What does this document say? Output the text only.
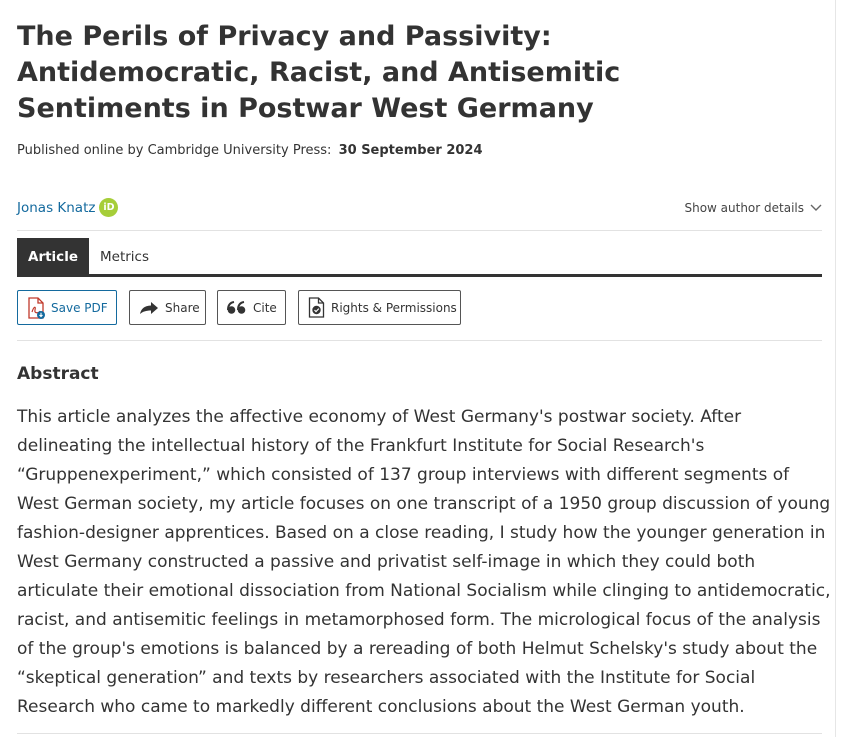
The Perils of Privacy and Passivity: Antidemocratic, Racist, and Antisemitic Sentiments in Postwar West Germany
Published online by Cambridge University Press: 30 September 2024
Jonas Knatz iD	Show author details
Article	Metrics
Save PDF	Share	Cite	Rights & Permissions
Abstract

This article analyzes the affective economy of West Germany's postwar society. After delineating the intellectual history of the Frankfurt Institute for Social Research's “Gruppenexperiment,” which consisted of 137 group interviews with different segments of West German society, my article focuses on one transcript of a 1950 group discussion of young fashion-designer apprentices. Based on a close reading, I study how the younger generation in West Germany constructed a passive and privatist self-image in which they could both articulate their emotional dissociation from National Socialism while clinging to antidemocratic, racist, and antisemitic feelings in metamorphosed form. The micrological focus of the analysis of the group's emotions is balanced by a rereading of both Helmut Schelsky's study about the “skeptical generation” and texts by researchers associated with the Institute for Social Research who came to markedly different conclusions about the West German youth.
